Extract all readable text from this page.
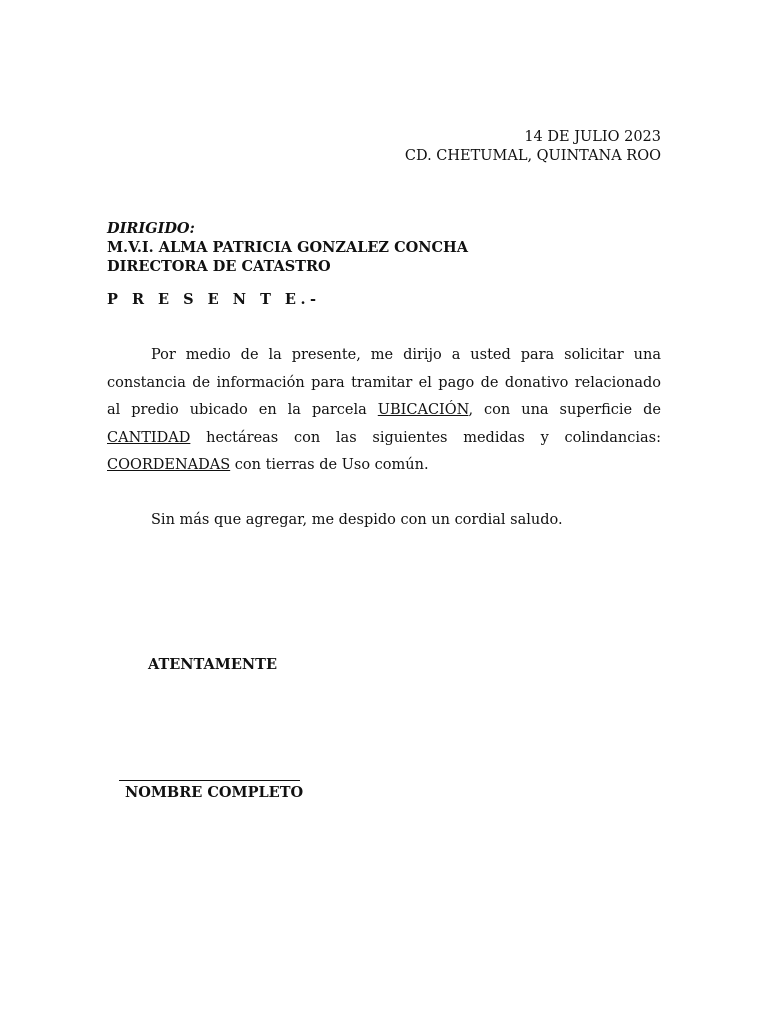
14 DE JULIO 2023
CD. CHETUMAL, QUINTANA ROO
DIRIGIDO:
M.V.I. ALMA PATRICIA GONZALEZ CONCHA
DIRECTORA DE CATASTRO
P R E S E N T E.-
Por medio de la presente, me dirijo a usted para solicitar una constancia de información para tramitar el pago de donativo relacionado al predio ubicado en la parcela UBICACIÓN, con una superficie de CANTIDAD hectáreas con las siguientes medidas y colindancias: COORDENADAS con tierras de Uso común.
Sin más que agregar, me despido con un cordial saludo.
ATENTAMENTE
NOMBRE COMPLETO
